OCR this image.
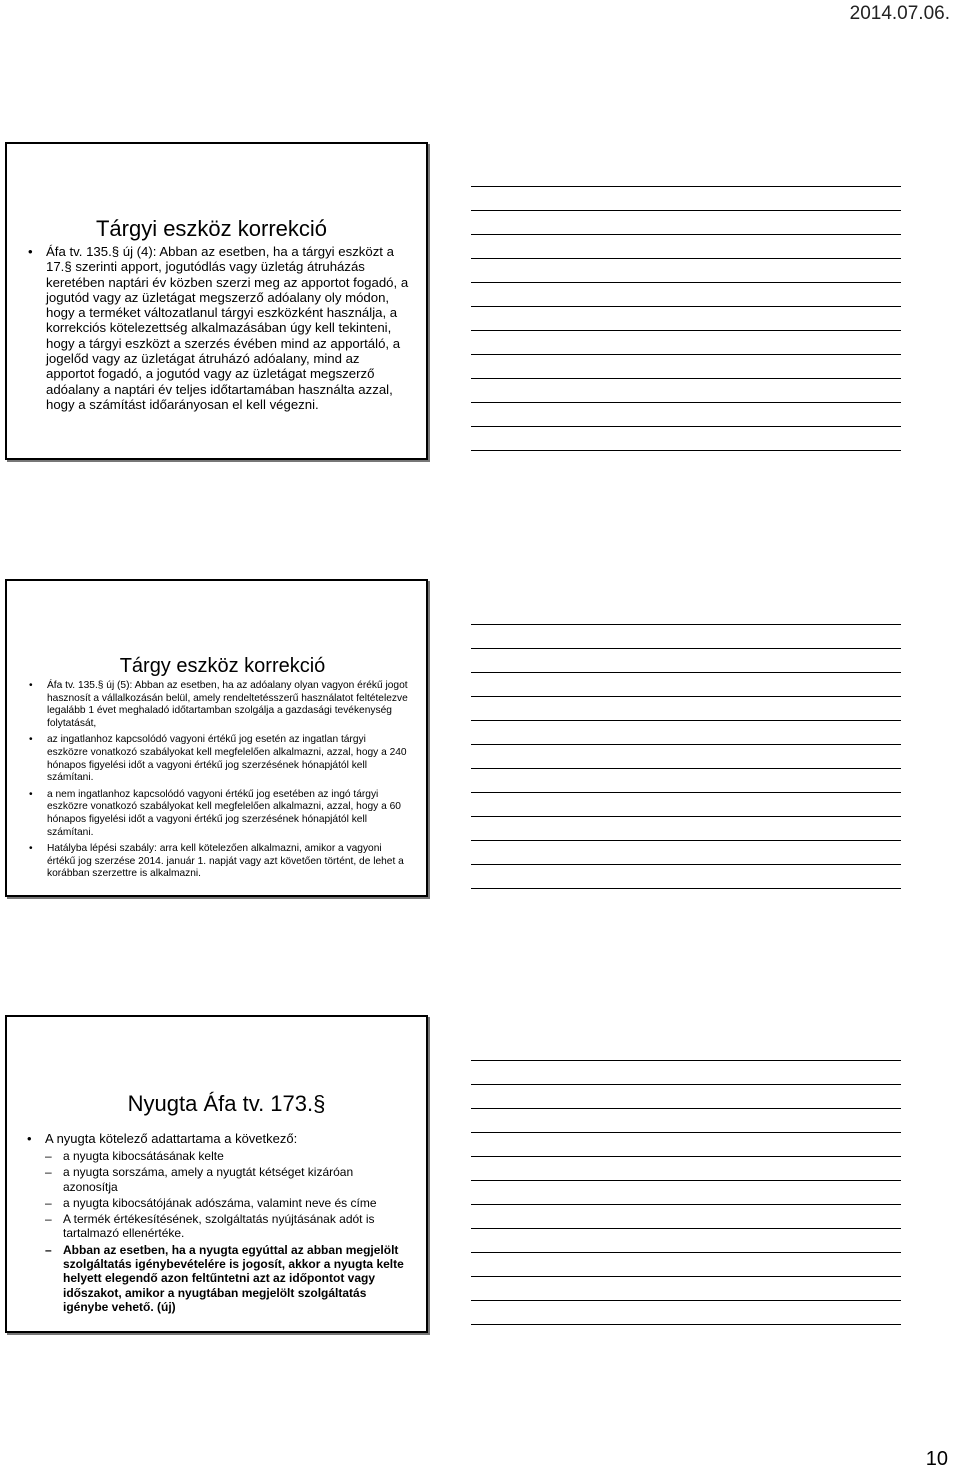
2014.07.06.
Tárgyi eszköz korrekció
• Áfa tv. 135.§ új (4): Abban az esetben, ha a tárgyi eszközt a 17.§ szerinti apport, jogutódlás vagy üzletág átruházás keretében naptári év közben szerzi meg az apportot fogadó, a jogutód vagy az üzletágat megszerző adóalany oly módon, hogy a terméket változatlanul tárgyi eszközként használja, a korrekciós kötelezettség alkalmazásában úgy kell tekinteni, hogy a tárgyi eszközt a szerzés évében mind az apportáló, a jogelőd vagy az üzletágat átruházó adóalany, mind az apportot fogadó, a jogutód vagy az üzletágat megszerző adóalany a naptári év teljes időtartamában használta azzal, hogy a számítást időarányosan el kell végezni.
Tárgy eszköz korrekció
• Áfa tv. 135.§ új (5): Abban az esetben, ha az adóalany olyan vagyon érékű jogot hasznosít a vállalkozásán belül, amely rendeltetésszerű használatot feltételezve legalább 1 évet meghaladó időtartamban szolgálja a gazdasági tevékenység folytatását,
• az ingatlanhoz kapcsolódó vagyoni értékű jog esetén az ingatlan tárgyi eszközre vonatkozó szabályokat kell megfelelően alkalmazni, azzal, hogy a 240 hónapos figyelési időt a vagyoni értékű jog szerzésének hónapjától kell számítani.
• a nem ingatlanhoz kapcsolódó vagyoni értékű jog esetében az ingó tárgyi eszközre vonatkozó szabályokat kell megfelelően alkalmazni, azzal, hogy a 60 hónapos figyelési időt a vagyoni értékű jog szerzésének hónapjától kell számítani.
• Hatályba lépési szabály: arra kell kötelezően alkalmazni, amikor a vagyoni értékű jog szerzése 2014. január 1. napját vagy azt követően történt, de lehet a korábban szerzettre is alkalmazni.
Nyugta Áfa tv. 173.§
• A nyugta kötelező adattartama a következő:
– a nyugta kibocsátásának kelte
– a nyugta sorszáma, amely a nyugtát kétséget kizáróan azonosítja
– a nyugta kibocsátójának adószáma, valamint neve és címe
– A termék értékesítésének, szolgáltatás nyújtásának adót is tartalmazó ellenértéke.
– Abban az esetben, ha a nyugta egyúttal az abban megjelölt szolgáltatás igénybevételére is jogosít, akkor a nyugta kelte helyett elegendő azon feltűntetni azt az időpontot vagy időszakot, amikor a nyugtában megjelölt szolgáltatás igénybe vehető. (új)
10
